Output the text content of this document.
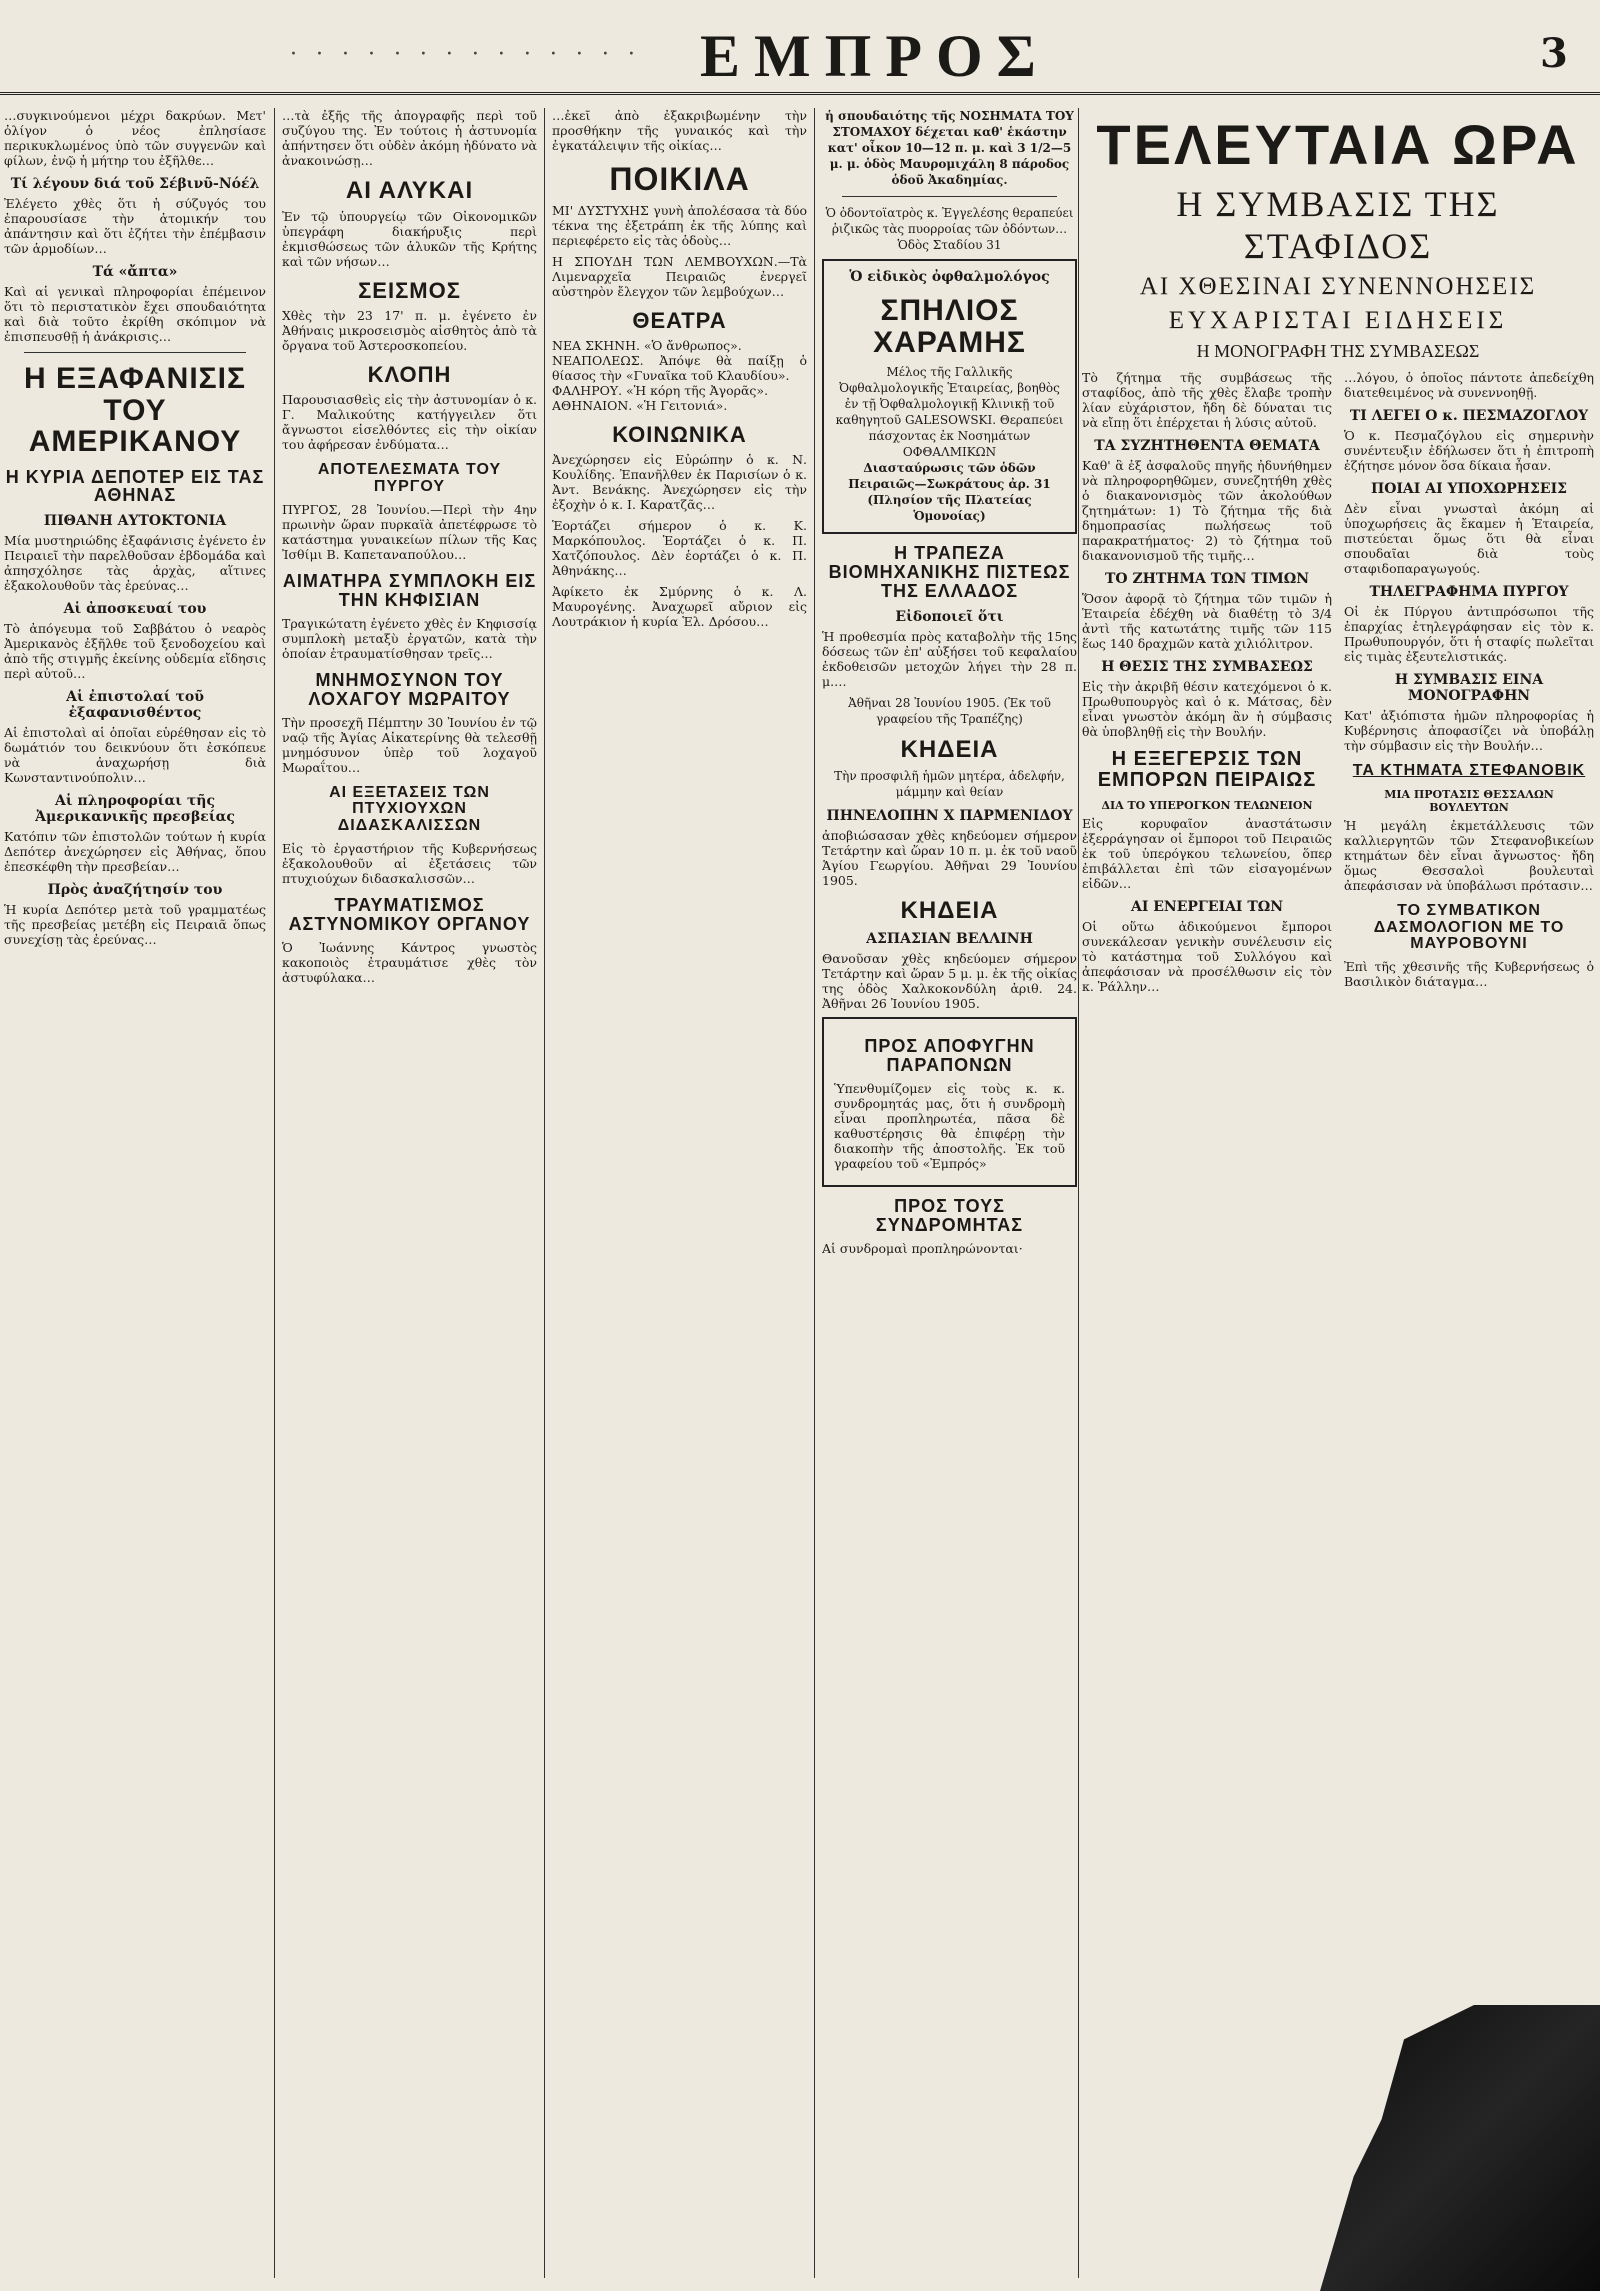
· · · · · · · · · · · · · · ΕΜΠΡΟΣ	3

…συγκινούμενοι μέχρι δακρύων. Μετ' ὀλίγον ὁ νέος ἐπλησίασε περικυκλωμένος ὑπὸ τῶν συγγενῶν καὶ φίλων, ἐνῷ ἡ μήτηρ του ἐξῆλθε…

Τί λέγουν διά τοῦ Σέβινῦ-Νόέλ

Ἐλέγετο χθὲς ὅτι ἡ σύζυγός του ἐπαρουσίασε τὴν ἀτομικήν του ἀπάντησιν καὶ ὅτι ἐζήτει τὴν ἐπέμβασιν τῶν ἁρμοδίων…

Τά «ἄπτα»

Καὶ αἱ γενικαὶ πληροφορίαι ἐπέμεινον ὅτι τὸ περιστατικὸν ἔχει σπουδαιότητα καὶ διὰ τοῦτο ἐκρίθη σκόπιμον νὰ ἐπισπευσθῇ ἡ ἀνάκρισις…

Η ΕΞΑΦΑΝΙΣΙΣ ΤΟΥ ΑΜΕΡΙΚΑΝΟΥ
Η ΚΥΡΙΑ ΔΕΠΟΤΕΡ ΕΙΣ ΤΑΣ ΑΘΗΝΑΣ
ΠΙΘΑΝΗ ΑΥΤΟΚΤΟΝΙΑ

Μία μυστηριώδης ἐξαφάνισις ἐγένετο ἐν Πειραιεῖ τὴν παρελθοῦσαν ἑβδομάδα καὶ ἀπησχόλησε τὰς ἀρχὰς, αἵτινες ἐξακολουθοῦν τὰς ἐρεύνας…

Αἱ ἀποσκευαί του

Τὸ ἀπόγευμα τοῦ Σαββάτου ὁ νεαρὸς Ἀμερικανὸς ἐξῆλθε τοῦ ξενοδοχείου καὶ ἀπὸ τῆς στιγμῆς ἐκείνης οὐδεμία εἴδησις περὶ αὐτοῦ…

Αἱ ἐπιστολαί τοῦ ἐξαφανισθέντος

Αἱ ἐπιστολαὶ αἱ ὁποῖαι εὑρέθησαν εἰς τὸ δωμάτιόν του δεικνύουν ὅτι ἐσκόπευε νὰ ἀναχωρήσῃ διὰ Κωνσταντινούπολιν…

Αἱ πληροφορίαι τῆς Ἀμερικανικῆς πρεσβείας

Κατόπιν τῶν ἐπιστολῶν τούτων ἡ κυρία Δεπότερ ἀνεχώρησεν εἰς Ἀθήνας, ὅπου ἐπεσκέφθη τὴν πρεσβείαν…

Πρὸς ἀναζήτησίν του

Ἡ κυρία Δεπότερ μετὰ τοῦ γραμματέως τῆς πρεσβείας μετέβη εἰς Πειραιᾶ ὅπως συνεχίσῃ τὰς ἐρεύνας…

…τὰ ἐξῆς τῆς ἀπογραφῆς περὶ τοῦ συζύγου της. Ἐν τούτοις ἡ ἀστυνομία ἀπήντησεν ὅτι οὐδὲν ἀκόμη ἠδύνατο νὰ ἀνακοινώσῃ…

ΑΙ ΑΛΥΚΑΙ

Ἐν τῷ ὑπουργείῳ τῶν Οἰκονομικῶν ὑπεγράφη διακήρυξις περὶ ἐκμισθώσεως τῶν ἁλυκῶν τῆς Κρήτης καὶ τῶν νήσων…

ΣΕΙΣΜΟΣ

Χθὲς τὴν 23 17' π. μ. ἐγένετο ἐν Ἀθήναις μικροσεισμὸς αἰσθητὸς ἀπὸ τὰ ὄργανα τοῦ Ἀστεροσκοπείου.

ΚΛΟΠΗ

Παρουσιασθεὶς εἰς τὴν ἀστυνομίαν ὁ κ. Γ. Μαλικούτης κατήγγειλεν ὅτι ἄγνωστοι εἰσελθόντες εἰς τὴν οἰκίαν του ἀφήρεσαν ἐνδύματα…

ΑΠΟΤΕΛΕΣΜΑΤΑ ΤΟΥ ΠΥΡΓΟΥ

ΠΥΡΓΟΣ, 28 Ἰουνίου.—Περὶ τὴν 4ην πρωινὴν ὥραν πυρκαϊὰ ἀπετέφρωσε τὸ κατάστημα γυναικείων πίλων τῆς Κας Ἰσθίμι Β. Καπεταναπούλου…

ΑΙΜΑΤΗΡΑ ΣΥΜΠΛΟΚΗ ΕΙΣ ΤΗΝ ΚΗΦΙΣΙΑΝ

Τραγικώτατη ἐγένετο χθὲς ἐν Κηφισσίᾳ συμπλοκὴ μεταξὺ ἐργατῶν, κατὰ τὴν ὁποίαν ἐτραυματίσθησαν τρεῖς…

ΜΝΗΜΟΣΥΝΟΝ ΤΟΥ ΛΟΧΑΓΟΥ ΜΩΡΑΙΤΟΥ

Τὴν προσεχῆ Πέμπτην 30 Ἰουνίου ἐν τῷ ναῷ τῆς Ἀγίας Αἰκατερίνης θὰ τελεσθῇ μνημόσυνον ὑπὲρ τοῦ λοχαγοῦ Μωραΐτου…

ΑΙ ΕΞΕΤΑΣΕΙΣ ΤΩΝ ΠΤΥΧΙΟΥΧΩΝ ΔΙΔΑΣΚΑΛΙΣΣΩΝ

Εἰς τὸ ἐργαστήριον τῆς Κυβερνήσεως ἐξακολουθοῦν αἱ ἐξετάσεις τῶν πτυχιούχων διδασκαλισσῶν…

ΤΡΑΥΜΑΤΙΣΜΟΣ ΑΣΤΥΝΟΜΙΚΟΥ ΟΡΓΑΝΟΥ

Ὁ Ἰωάννης Κάντρος γνωστὸς κακοποιὸς ἐτραυμάτισε χθὲς τὸν ἀστυφύλακα…

…ἐκεῖ ἀπὸ ἐξακριβωμένην τὴν προσθήκην τῆς γυναικός καὶ τὴν ἐγκατάλειψιν τῆς οἰκίας…

ΠΟΙΚΙΛΑ

ΜΙ' ΔΥΣΤΥΧΗΣ γυνὴ ἀπολέσασα τὰ δύο τέκνα της ἐξετράπη ἐκ τῆς λύπης καὶ περιεφέρετο εἰς τὰς ὁδοὺς…

Η ΣΠΟΥΔΗ ΤΩΝ ΛΕΜΒΟΥΧΩΝ.—Τὰ Λιμεναρχεῖα Πειραιῶς ἐνεργεῖ αὐστηρὸν ἔλεγχον τῶν λεμβούχων…

ΘΕΑΤΡΑ

ΝΕΑ ΣΚΗΝΗ. «Ὁ ἄνθρωπος».
ΝΕΑΠΟΛΕΩΣ. Ἀπόψε θὰ παίξῃ ὁ θίασος τὴν «Γυναῖκα τοῦ Κλαυδίου».
ΦΑΛΗΡΟΥ. «Ἡ κόρη τῆς Ἀγορᾶς».
ΑΘΗΝΑΙΟΝ. «Ἡ Γειτονιά».

ΚΟΙΝΩΝΙΚΑ

Ἀνεχώρησεν εἰς Εὐρώπην ὁ κ. Ν. Κουλίδης. Ἐπανῆλθεν ἐκ Παρισίων ὁ κ. Ἀντ. Βενάκης. Ἀνεχώρησεν εἰς τὴν ἐξοχὴν ὁ κ. Ι. Καρατζᾶς…

Ἑορτάζει σήμερον ὁ κ. Κ. Μαρκόπουλος. Ἑορτάζει ὁ κ. Π. Χατζόπουλος. Δὲν ἑορτάζει ὁ κ. Π. Ἀθηνάκης…

Ἀφίκετο ἐκ Σμύρνης ὁ κ. Λ. Μαυρογένης. Ἀναχωρεῖ αὔριον εἰς Λουτράκιον ἡ κυρία Ἑλ. Δρόσου…

ἡ σπουδαιότης τῆς ΝΟΣΗΜΑΤΑ ΤΟΥ ΣΤΟΜΑΧΟΥ δέχεται καθ' ἑκάστην κατ' οἶκον 10—12 π. μ. καὶ 3 1/2—5 μ. μ. ὁδὸς Μαυρομιχάλη 8 πάροδος ὁδοῦ Ἀκαδημίας.
Ὁ ὀδοντοϊατρὸς κ. Ἐγγελέσης θεραπεύει ῥιζικῶς τὰς πυορροίας τῶν ὀδόντων… Ὁδὸς Σταδίου 31
Ὁ εἰδικὸς ὀφθαλμολόγος
ΣΠΗΛΙΟΣ ΧΑΡΑΜΗΣ
Μέλος τῆς Γαλλικῆς Ὀφθαλμολογικῆς Ἑταιρείας, βοηθὸς ἐν τῇ Ὀφθαλμολογικῇ Κλινικῇ τοῦ καθηγητοῦ GALESOWSKI. Θεραπεύει πάσχοντας ἐκ Νοσημάτων ΟΦΘΑΛΜΙΚΩΝ
Διασταύρωσις τῶν ὁδῶν Πειραιῶς—Σωκράτους ἀρ. 31 (Πλησίον τῆς Πλατείας Ὁμονοίας)
Η ΤΡΑΠΕΖΑ ΒΙΟΜΗΧΑΝΙΚΗΣ ΠΙΣΤΕΩΣ ΤΗΣ ΕΛΛΑΔΟΣ
Εἰδοποιεῖ ὅτι

Ἡ προθεσμία πρὸς καταβολὴν τῆς 15ης δόσεως τῶν ἐπ' αὐξήσει τοῦ κεφαλαίου ἐκδοθεισῶν μετοχῶν λήγει τὴν 28 π. μ.…

Ἀθῆναι 28 Ἰουνίου 1905. (Ἐκ τοῦ γραφείου τῆς Τραπέζης)
ΚΗΔΕΙΑ
Τὴν προσφιλῆ ἡμῶν μητέρα, ἀδελφήν, μάμμην καὶ θείαν
ΠΗΝΕΛΟΠΗΝ Χ ΠΑΡΜΕΝΙΔΟΥ

ἀποβιώσασαν χθὲς κηδεύομεν σήμερον Τετάρτην καὶ ὥραν 10 π. μ. ἐκ τοῦ ναοῦ Ἁγίου Γεωργίου. Ἀθῆναι 29 Ἰουνίου 1905.

ΚΗΔΕΙΑ
ΑΣΠΑΣΙΑΝ ΒΕΛΛΙΝΗ

Θανοῦσαν χθὲς κηδεύομεν σήμερον Τετάρτην καὶ ὥραν 5 μ. μ. ἐκ τῆς οἰκίας της ὁδὸς Χαλκοκονδύλη ἀριθ. 24. Ἀθῆναι 26 Ἰουνίου 1905.

ΠΡΟΣ ΑΠΟΦΥΓΗΝ ΠΑΡΑΠΟΝΩΝ

Ὑπενθυμίζομεν εἰς τοὺς κ. κ. συνδρομητάς μας, ὅτι ἡ συνδρομὴ εἶναι προπληρωτέα, πᾶσα δὲ καθυστέρησις θὰ ἐπιφέρῃ τὴν διακοπὴν τῆς ἀποστολῆς. Ἐκ τοῦ γραφείου τοῦ «Ἐμπρός»

ΠΡΟΣ ΤΟΥΣ ΣΥΝΔΡΟΜΗΤΑΣ

Αἱ συνδρομαὶ προπληρώνονται·

ΤΕΛΕΥΤΑΙΑ ΩΡΑ
Η ΣΥΜΒΑΣΙΣ ΤΗΣ ΣΤΑΦΙΔΟΣ
ΑΙ ΧΘΕΣΙΝΑΙ ΣΥΝΕΝΝΟΗΣΕΙΣ
ΕΥΧΑΡΙΣΤΑΙ ΕΙΔΗΣΕΙΣ
Η ΜΟΝΟΓΡΑΦΗ ΤΗΣ ΣΥΜΒΑΣΕΩΣ

Τὸ ζήτημα τῆς συμβάσεως τῆς σταφίδος, ἀπὸ τῆς χθὲς ἔλαβε τροπὴν λίαν εὐχάριστον, ἤδη δὲ δύναται τις νὰ εἴπῃ ὅτι ἐπέρχεται ἡ λύσις αὐτοῦ.

ΤΑ ΣΥΖΗΤΗΘΕΝΤΑ ΘΕΜΑΤΑ

Καθ' ἃ ἐξ ἀσφαλοῦς πηγῆς ἠδυνήθημεν νὰ πληροφορηθῶμεν, συνεζητήθη χθὲς ὁ διακανονισμὸς τῶν ἀκολούθων ζητημάτων: 1) Τὸ ζήτημα τῆς διὰ δημοπρασίας πωλήσεως τοῦ παρακρατήματος· 2) τὸ ζήτημα τοῦ διακανονισμοῦ τῆς τιμῆς…

ΤΟ ΖΗΤΗΜΑ ΤΩΝ ΤΙΜΩΝ

Ὅσον ἀφορᾷ τὸ ζήτημα τῶν τιμῶν ἡ Ἑταιρεία ἐδέχθη νὰ διαθέτῃ τὸ 3/4 ἀντὶ τῆς κατωτάτης τιμῆς τῶν 115 ἕως 140 δραχμῶν κατὰ χιλιόλιτρον.

Η ΘΕΣΙΣ ΤΗΣ ΣΥΜΒΑΣΕΩΣ

Εἰς τὴν ἀκριβῆ θέσιν κατεχόμενοι ὁ κ. Πρωθυπουργὸς καὶ ὁ κ. Μάτσας, δὲν εἶναι γνωστὸν ἀκόμη ἂν ἡ σύμβασις θὰ ὑποβληθῇ εἰς τὴν Βουλήν.

Η ΕΞΕΓΕΡΣΙΣ ΤΩΝ ΕΜΠΟΡΩΝ ΠΕΙΡΑΙΩΣ
ΔΙΑ ΤΟ ΥΠΕΡΟΓΚΟΝ ΤΕΛΩΝΕΙΟΝ

Εἰς κορυφαῖον ἀναστάτωσιν ἐξερράγησαν οἱ ἔμποροι τοῦ Πειραιῶς ἐκ τοῦ ὑπερόγκου τελωνείου, ὅπερ ἐπιβάλλεται ἐπὶ τῶν εἰσαγομένων εἰδῶν…

ΑΙ ΕΝΕΡΓΕΙΑΙ ΤΩΝ

Οἱ οὕτω ἀδικούμενοι ἔμποροι συνεκάλεσαν γενικὴν συνέλευσιν εἰς τὸ κατάστημα τοῦ Συλλόγου καὶ ἀπεφάσισαν νὰ προσέλθωσιν εἰς τὸν κ. Ῥάλλην…

…λόγου, ὁ ὁποῖος πάντοτε ἀπεδείχθη διατεθειμένος νὰ συνεννοηθῇ.

ΤΙ ΛΕΓΕΙ Ο κ. ΠΕΣΜΑΖΟΓΛΟΥ

Ὁ κ. Πεσμαζόγλου εἰς σημερινὴν συνέντευξιν ἐδήλωσεν ὅτι ἡ ἐπιτροπὴ ἐζήτησε μόνον ὅσα δίκαια ἦσαν.

ΠΟΙΑΙ ΑΙ ΥΠΟΧΩΡΗΣΕΙΣ

Δὲν εἶναι γνωσταὶ ἀκόμη αἱ ὑποχωρήσεις ἃς ἔκαμεν ἡ Ἑταιρεία, πιστεύεται ὅμως ὅτι θὰ εἶναι σπουδαῖαι διὰ τοὺς σταφιδοπαραγωγούς.

ΤΗΛΕΓΡΑΦΗΜΑ ΠΥΡΓΟΥ

Οἱ ἐκ Πύργου ἀντιπρόσωποι τῆς ἐπαρχίας ἐτηλεγράφησαν εἰς τὸν κ. Πρωθυπουργόν, ὅτι ἡ σταφίς πωλεῖται εἰς τιμὰς ἐξευτελιστικάς.

Η ΣΥΜΒΑΣΙΣ ΕΙΝΑ ΜΟΝΟΓΡΑΦΗΝ

Κατ' ἀξιόπιστα ἡμῶν πληροφορίας ἡ Κυβέρνησις ἀποφασίζει νὰ ὑποβάλῃ τὴν σύμβασιν εἰς τὴν Βουλήν…

ΤΑ ΚΤΗΜΑΤΑ ΣΤΕΦΑΝΟΒΙΚ
ΜΙΑ ΠΡΟΤΑΣΙΣ ΘΕΣΣΑΛΩΝ ΒΟΥΛΕΥΤΩΝ

Ἡ μεγάλη ἐκμετάλλευσις τῶν καλλιεργητῶν τῶν Στεφανοβικείων κτημάτων δὲν εἶναι ἄγνωστος· ἤδη ὅμως Θεσσαλοὶ βουλευταὶ ἀπεφάσισαν νὰ ὑποβάλωσι πρότασιν…

ΤΟ ΣΥΜΒΑΤΙΚΟΝ ΔΑΣΜΟΛΟΓΙΟΝ ΜΕ ΤΟ ΜΑΥΡΟΒΟΥΝΙ

Ἐπὶ τῆς χθεσινῆς τῆς Κυβερνήσεως ὁ Βασιλικὸν διάταγμα…
